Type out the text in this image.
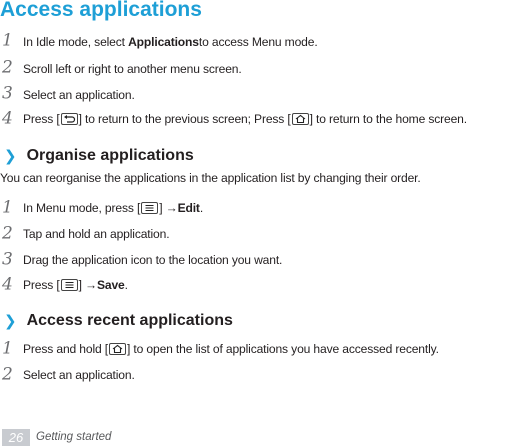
Access applications
1 In Idle mode, select
Applications to access Menu mode.
2 Scroll left or right to another menu screen.
3 Select an application.
4 Press [ ] to return to the previous screen; Press [ ] to return to the home screen.
❯ Organise applications
You can reorganise the applications in the application list by changing their order.
1 In Menu mode, press [ ] → Edit .
2 Tap and hold an application.
3 Drag the application icon to the location you want.
4 Press [ ] → Save .
❯ Access recent applications
1 Press and hold [ ] to open the list of applications you have accessed recently.
2 Select an application.
26	Getting started
